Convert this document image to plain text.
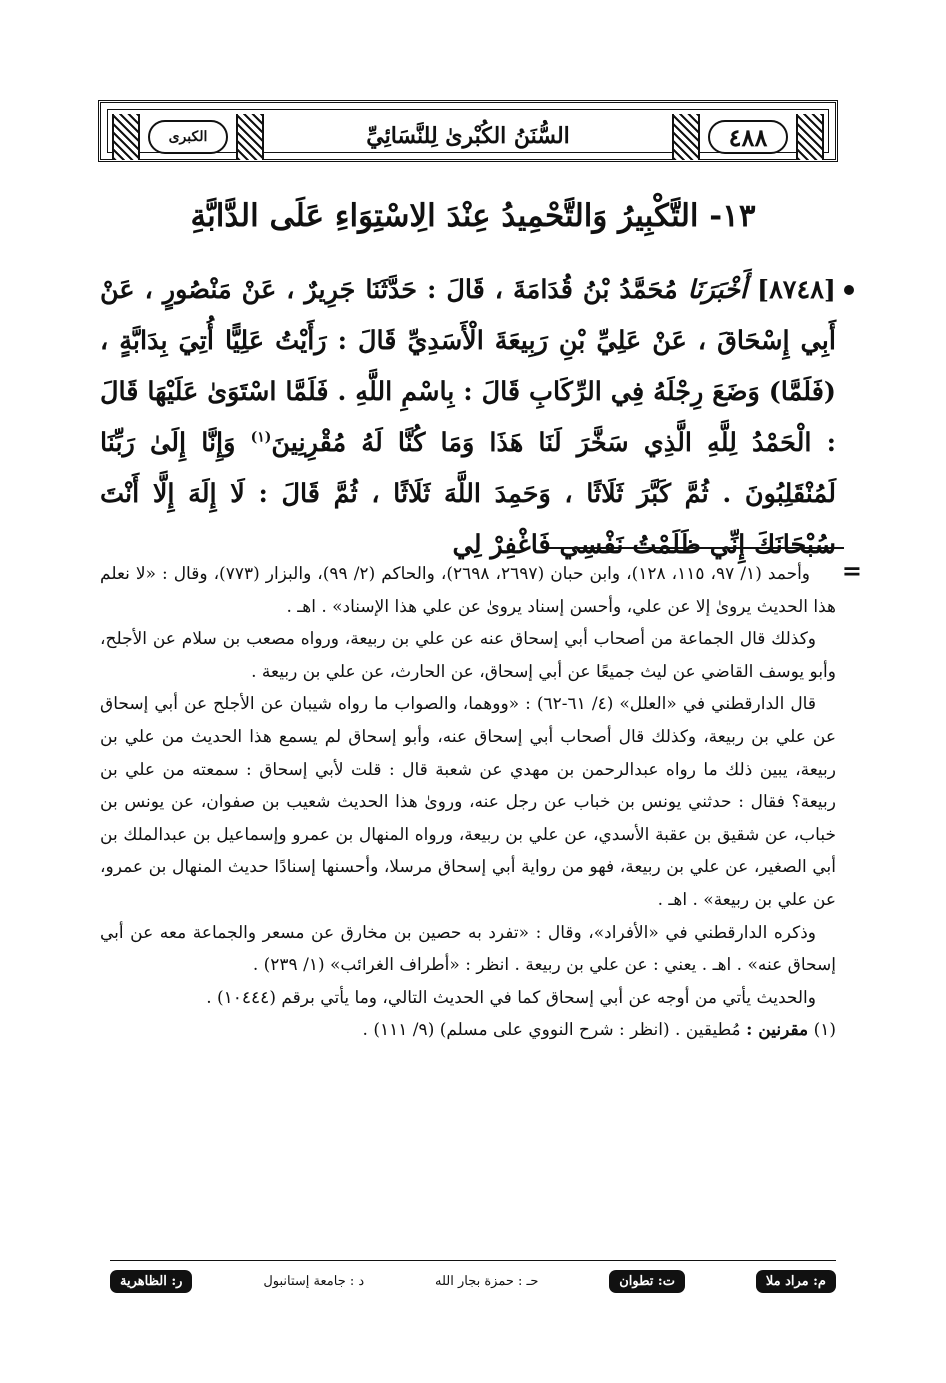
الكبرى	السُّنَنُ الكُبْرىٰ لِلنَّسَائِيِّ	٤٨٨
١٣- التَّكْبِيرُ وَالتَّحْمِيدُ عِنْدَ الِاسْتِوَاءِ عَلَى الدَّابَّةِ

[٨٧٤٨] أَخْبَرَنَا مُحَمَّدُ بْنُ قُدَامَةَ ، قَالَ : حَدَّثَنَا جَرِيرٌ ، عَنْ مَنْصُورٍ ، عَنْ أَبِي إِسْحَاقَ ، عَنْ عَلِيِّ بْنِ رَبِيعَةَ الْأَسَدِيِّ قَالَ : رَأَيْتُ عَلِيًّا أُتِيَ بِدَابَّةٍ ، (فَلَمَّا) وَضَعَ رِجْلَهُ فِي الرِّكَابِ قَالَ : بِاسْمِ اللَّهِ . فَلَمَّا اسْتَوَىٰ عَلَيْهَا قَالَ : الْحَمْدُ لِلَّهِ الَّذِي سَخَّرَ لَنَا هَذَا وَمَا كُنَّا لَهُ مُقْرِنِينَ$^{(١)}$ وَإِنَّا إِلَىٰ رَبِّنَا لَمُنْقَلِبُونَ . ثُمَّ كَبَّرَ ثَلَاثًا ، وَحَمِدَ اللَّهَ ثَلَاثًا ، ثُمَّ قَالَ : لَا إِلَهَ إِلَّا أَنْتَ سُبْحَانَكَ إِنِّي ظَلَمْتُ نَفْسِي فَاغْفِرْ لِي

=

وأحمد (١/ ٩٧، ١١٥، ١٢٨)، وابن حبان (٢٦٩٧، ٢٦٩٨)، والحاكم (٢/ ٩٩)، والبزار (٧٧٣)، وقال : «لا نعلم هذا الحديث يروىٰ إلا عن علي، وأحسن إسناد يروىٰ عن علي هذا الإسناد» . اهـ .

وكذلك قال الجماعة من أصحاب أبي إسحاق عنه عن علي بن ربيعة، ورواه مصعب بن سلام عن الأجلح، وأبو يوسف القاضي عن ليث جميعًا عن أبي إسحاق، عن الحارث، عن علي بن ربيعة .

قال الدارقطني في «العلل» (٤/ ٦١-٦٢) : «ووهما، والصواب ما رواه شيبان عن الأجلح عن أبي إسحاق عن علي بن ربيعة، وكذلك قال أصحاب أبي إسحاق عنه، وأبو إسحاق لم يسمع هذا الحديث من علي بن ربيعة، يبين ذلك ما رواه عبدالرحمن بن مهدي عن شعبة قال : قلت لأبي إسحاق : سمعته من علي بن ربيعة؟ فقال : حدثني يونس بن خباب عن رجل عنه، وروىٰ هذا الحديث شعيب بن صفوان، عن يونس بن خباب، عن شقيق بن عقبة الأسدي، عن علي بن ربيعة، ورواه المنهال بن عمرو وإسماعيل بن عبدالملك بن أبي الصغير، عن علي بن ربيعة، فهو من رواية أبي إسحاق مرسلا، وأحسنها إسنادًا حديث المنهال بن عمرو، عن علي بن ربيعة» . اهـ .

وذكره الدارقطني في «الأفراد»، وقال : «تفرد به حصين بن مخارق عن مسعر والجماعة معه عن أبي إسحاق عنه» . اهـ . يعني : عن علي بن ربيعة . انظر : «أطراف الغرائب» (١/ ٢٣٩) .

والحديث يأتي من أوجه عن أبي إسحاق كما في الحديث التالي، وما يأتي برقم (١٠٤٤٤) .

(١) مقرنين : مُطيقين . (انظر : شرح النووي على مسلم) (٩/ ١١١) .

م: مراد ملا
ت: تطوان
حـ : حمزة بجار الله
د : جامعة إستانبول
ر: الظاهرية
